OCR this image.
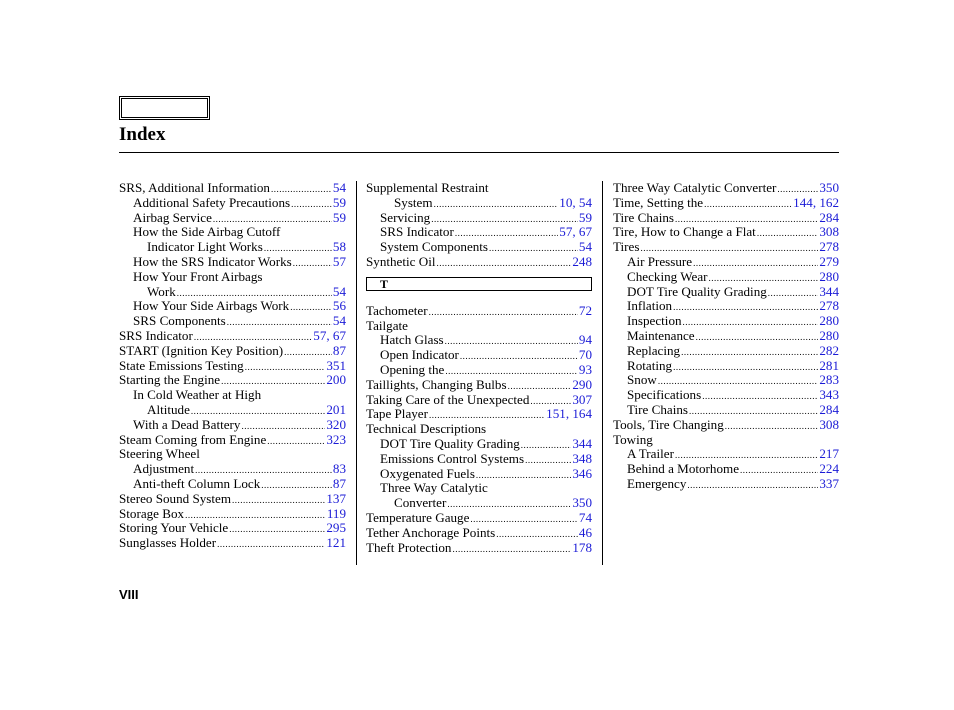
Index
SRS, Additional Information .....	54
Additional Safety Precautions .....	59
Airbag Service .....	59
How the Side Airbag Cutoff
Indicator Light Works .....	58
How the SRS Indicator Works .....	57
How Your Front Airbags
Work .....	54
How Your Side Airbags Work .....	56
SRS Components .....	54
SRS Indicator .....	57, 67
START (Ignition Key Position) .....	87
State Emissions Testing .....	351
Starting the Engine .....	200
In Cold Weather at High
Altitude .....	201
With a Dead Battery .....	320
Steam Coming from Engine .....	323
Steering Wheel
Adjustment .....	83
Anti-theft Column Lock .....	87
Stereo Sound System .....	137
Storage Box .....	119
Storing Your Vehicle .....	295
Sunglasses Holder .....	121
Supplemental Restraint
System .....	10, 54
Servicing .....	59
SRS Indicator .....	57, 67
System Components .....	54
Synthetic Oil .....	248
T
Tachometer .....	72
Tailgate
Hatch Glass .....	94
Open Indicator .....	70
Opening the .....	93
Taillights, Changing Bulbs .....	290
Taking Care of the Unexpected .....	307
Tape Player .....	151, 164
Technical Descriptions
DOT Tire Quality Grading .....	344
Emissions Control Systems .....	348
Oxygenated Fuels .....	346
Three Way Catalytic
Converter .....	350
Temperature Gauge .....	74
Tether Anchorage Points .....	46
Theft Protection .....	178
Three Way Catalytic Converter .....	350
Time, Setting the .....	144, 162
Tire Chains .....	284
Tire, How to Change a Flat .....	308
Tires .....	278
Air Pressure .....	279
Checking Wear .....	280
DOT Tire Quality Grading .....	344
Inflation .....	278
Inspection .....	280
Maintenance .....	280
Replacing .....	282
Rotating .....	281
Snow .....	283
Specifications .....	343
Tire Chains .....	284
Tools, Tire Changing .....	308
Towing
A Trailer .....	217
Behind a Motorhome .....	224
Emergency .....	337

VIII
